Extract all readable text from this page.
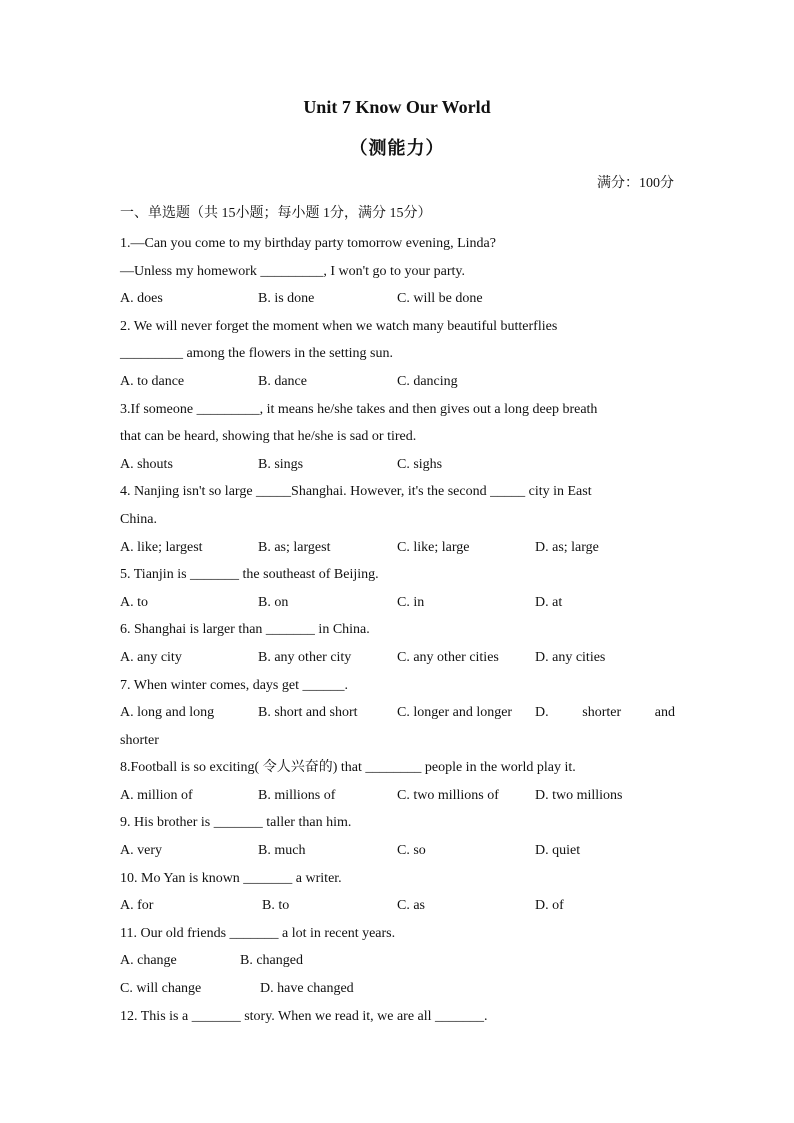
Unit 7 Know Our World
（测能力）
满分：100分
一、单选题（共 15小题；每小题 1分，满分 15分）
1.—Can you come to my birthday party tomorrow evening, Linda?
—Unless my homework _________, I won't go to your party.
A. does	B. is done	C. will be done
2. We will never forget the moment when we watch many beautiful butterflies
_________ among the flowers in the setting sun.
A. to dance	B. dance	C. dancing
3.If someone _________, it means he/she takes and then gives out a long deep breath
that can be heard, showing that he/she is sad or tired.
A. shouts	B. sings	C. sighs
4. Nanjing isn't so large _____Shanghai. However, it's the second _____ city in East
China.
A. like; largest	B. as; largest	C. like; large	D. as; large
5. Tianjin is _______ the southeast of Beijing.
A. to	B. on	C. in	D. at
6. Shanghai is larger than _______ in China.
A. any city	B. any other city	C. any other cities	D. any cities
7. When winter comes, days get ______.
A. long and long	B. short and short	C. longer and longer D. shorter and
shorter
8.Football is so exciting( 令人兴奋的) that ________ people in the world play it.
A. million of	B. millions of	C. two millions of	D. two millions
9. His brother is _______ taller than him.
A. very	B. much	C. so	D. quiet
10. Mo Yan is known _______ a writer.
A. for	B. to	C. as	D. of
11. Our old friends _______ a lot in recent years.
A. change	B. changed
C. will change	D. have changed
12. This is a _______ story. When we read it, we are all _______.
